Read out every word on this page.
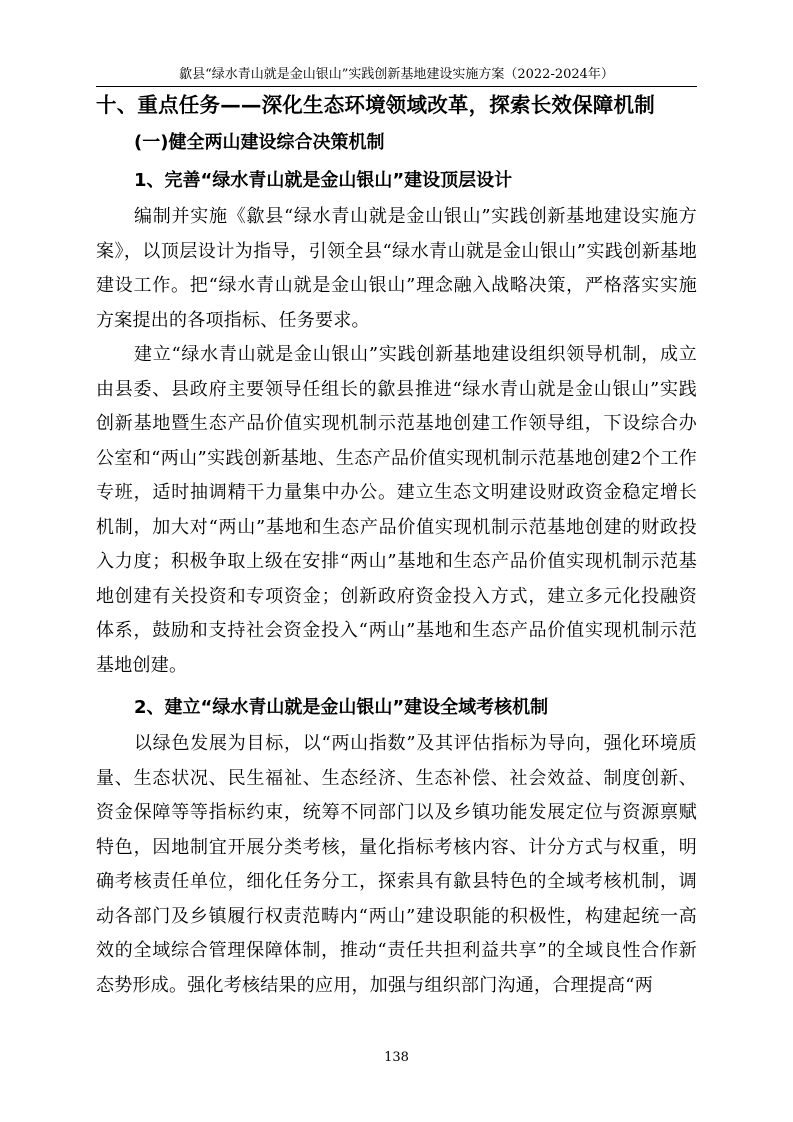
歙县“绿水青山就是金山银山”实践创新基地建设实施方案（2022-2024年）
十、重点任务——深化生态环境领域改革，探索长效保障机制
(一)健全两山建设综合决策机制
1、完善“绿水青山就是金山银山”建设顶层设计

编制并实施《歙县“绿水青山就是金山银山”实践创新基地建设实施方案》，以顶层设计为指导，引领全县“绿水青山就是金山银山”实践创新基地建设工作。把“绿水青山就是金山银山”理念融入战略决策，严格落实实施方案提出的各项指标、任务要求。

建立“绿水青山就是金山银山”实践创新基地建设组织领导机制，成立由县委、县政府主要领导任组长的歙县推进“绿水青山就是金山银山”实践创新基地暨生态产品价值实现机制示范基地创建工作领导组，下设综合办公室和“两山”实践创新基地、生态产品价值实现机制示范基地创建2个工作专班，适时抽调精干力量集中办公。建立生态文明建设财政资金稳定增长机制，加大对“两山”基地和生态产品价值实现机制示范基地创建的财政投入力度；积极争取上级在安排“两山”基地和生态产品价值实现机制示范基地创建有关投资和专项资金；创新政府资金投入方式，建立多元化投融资体系，鼓励和支持社会资金投入“两山”基地和生态产品价值实现机制示范基地创建。

2、建立“绿水青山就是金山银山”建设全域考核机制

以绿色发展为目标，以“两山指数”及其评估指标为导向，强化环境质量、生态状况、民生福祉、生态经济、生态补偿、社会效益、制度创新、资金保障等等指标约束，统筹不同部门以及乡镇功能发展定位与资源禀赋特色，因地制宜开展分类考核，量化指标考核内容、计分方式与权重，明确考核责任单位，细化任务分工，探索具有歙县特色的全域考核机制，调动各部门及乡镇履行权责范畴内“两山”建设职能的积极性，构建起统一高效的全域综合管理保障体制，推动“责任共担利益共享”的全域良性合作新态势形成。强化考核结果的应用，加强与组织部门沟通，合理提高“两

138
